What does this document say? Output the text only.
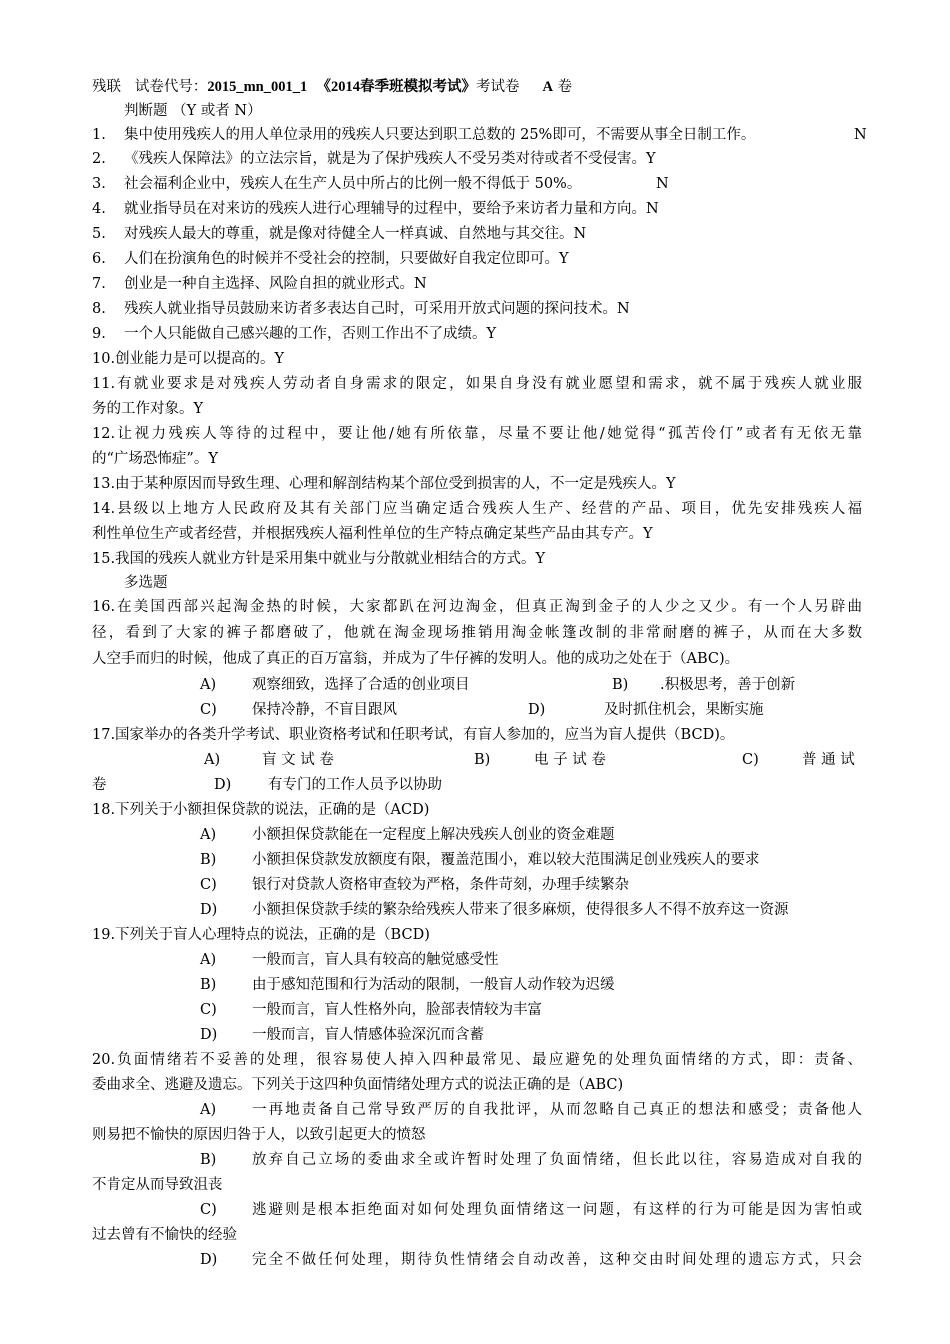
残联 试卷代号：2015_mn_001_1 《2014春季班模拟考试》考试卷 A 卷
判断题 （Y 或者 N）
1. 集中使用残疾人的用人单位录用的残疾人只要达到职工总数的 25%即可，不需要从事全日制工作。	N
2. 《残疾人保障法》的立法宗旨，就是为了保护残疾人不受另类对待或者不受侵害。Y
3. 社会福利企业中，残疾人在生产人员中所占的比例一般不得低于 50%。	N
4. 就业指导员在对来访的残疾人进行心理辅导的过程中，要给予来访者力量和方向。N
5. 对残疾人最大的尊重，就是像对待健全人一样真诚、自然地与其交往。N
6. 人们在扮演角色的时候并不受社会的控制，只要做好自我定位即可。Y
7. 创业是一种自主选择、风险自担的就业形式。N
8. 残疾人就业指导员鼓励来访者多表达自己时，可采用开放式问题的探问技术。N
9. 一个人只能做自己感兴趣的工作，否则工作出不了成绩。Y
10.创业能力是可以提高的。Y
11.有就业要求是对残疾人劳动者自身需求的限定，如果自身没有就业愿望和需求，就不属于残疾人就业服
务的工作对象。Y
12.让视力残疾人等待的过程中，要让他/她有所依靠，尽量不要让他/她觉得“孤苦伶仃”或者有无依无靠
的“广场恐怖症”。Y
13.由于某种原因而导致生理、心理和解剖结构某个部位受到损害的人，不一定是残疾人。Y
14.县级以上地方人民政府及其有关部门应当确定适合残疾人生产、经营的产品、项目，优先安排残疾人福
利性单位生产或者经营，并根据残疾人福利性单位的生产特点确定某些产品由其专产。Y
15.我国的残疾人就业方针是采用集中就业与分散就业相结合的方式。Y
多选题
16.在美国西部兴起淘金热的时候，大家都趴在河边淘金，但真正淘到金子的人少之又少。有一个人另辟曲
径，看到了大家的裤子都磨破了，他就在淘金现场推销用淘金帐篷改制的非常耐磨的裤子，从而在大多数
人空手而归的时候，他成了真正的百万富翁，并成为了牛仔裤的发明人。他的成功之处在于（ABC)。
A) 观察细致，选择了合适的创业项目	B) .积极思考，善于创新
C) 保持冷静，不盲目跟风	D)	及时抓住机会，果断实施
17.国家举办的各类升学考试、职业资格考试和任职考试，有盲人参加的，应当为盲人提供（BCD)。
A)	盲 文 试 卷	B)	电 子 试 卷	C)	普 通 试
卷	D)	有专门的工作人员予以协助
18.下列关于小额担保贷款的说法，正确的是（ACD)
A) 小额担保贷款能在一定程度上解决残疾人创业的资金难题
B) 小额担保贷款发放额度有限，覆盖范围小，难以较大范围满足创业残疾人的要求
C) 银行对贷款人资格审查较为严格，条件苛刻，办理手续繁杂
D) 小额担保贷款手续的繁杂给残疾人带来了很多麻烦，使得很多人不得不放弃这一资源
19.下列关于盲人心理特点的说法，正确的是（BCD)
A) 一般而言，盲人具有较高的触觉感受性
B) 由于感知范围和行为活动的限制，一般盲人动作较为迟缓
C) 一般而言，盲人性格外向，脸部表情较为丰富
D) 一般而言，盲人情感体验深沉而含蓄
20.负面情绪若不妥善的处理，很容易使人掉入四种最常见、最应避免的处理负面情绪的方式，即：责备、
委曲求全、逃避及遗忘。下列关于这四种负面情绪处理方式的说法正确的是（ABC)
A) 一再地责备自己常导致严厉的自我批评，从而忽略自己真正的想法和感受；责备他人
则易把不愉快的原因归咎于人，以致引起更大的愤怒
B) 放弃自己立场的委曲求全或许暂时处理了负面情绪，但长此以往，容易造成对自我的
不肯定从而导致沮丧
C) 逃避则是根本拒绝面对如何处理负面情绪这一问题，有这样的行为可能是因为害怕或
过去曾有不愉快的经验
D) 完全不做任何处理，期待负性情绪会自动改善，这种交由时间处理的遗忘方式，只会
